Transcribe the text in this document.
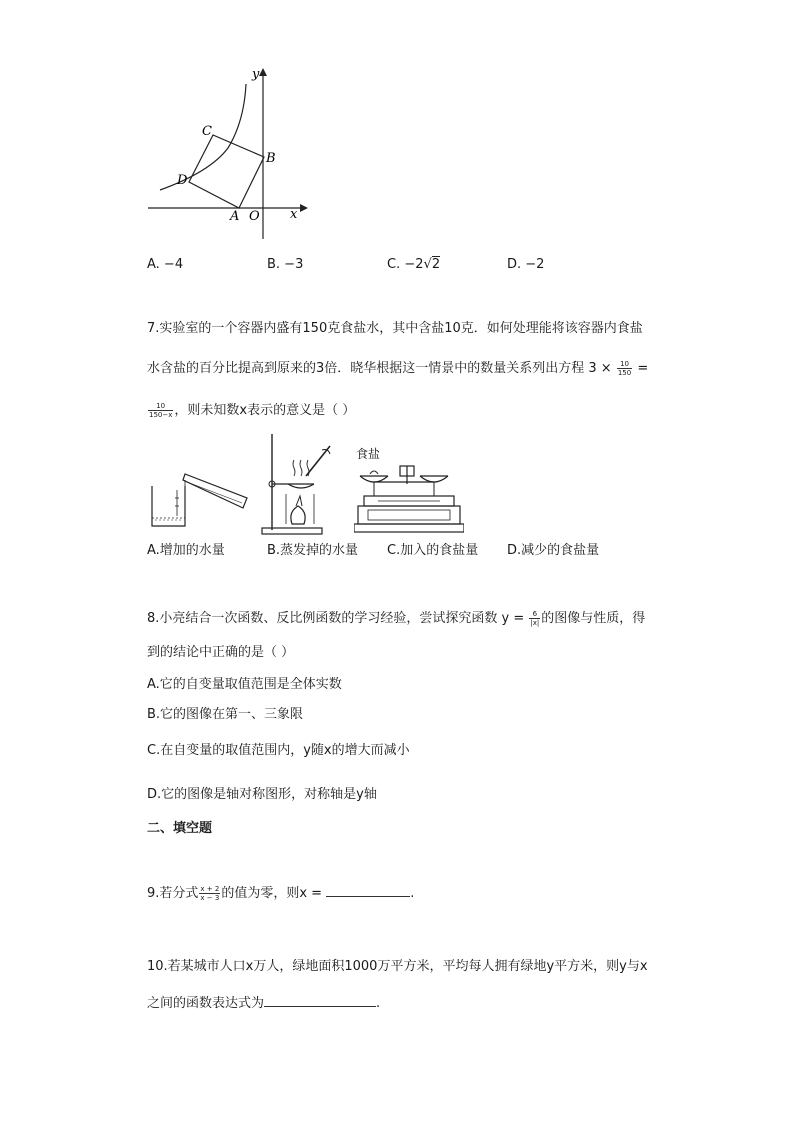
y
x
O
A
B
C
D
A. −4	B. −3	C. −2√2	D. −2
7.实验室的一个容器内盛有150克食盐水，其中含盐10克．如何处理能将该容器内食盐
水含盐的百分比提高到原来的3倍．晓华根据这一情景中的数量关系列出方程 $3 \times \frac{10}{150}$ =
$\frac{10}{150-x}$ ，则未知数x表示的意义是（ ）
食盐
A.增加的水量	B.蒸发掉的水量 C.加入的食盐量 D.减少的食盐量
8.小亮结合一次函数、反比例函数的学习经验，尝试探究函数 $y = \frac{6}{|x|}$ 的图像与性质，得
到的结论中正确的是（ ）
A.它的自变量取值范围是全体实数
B.它的图像在第一、三象限
C.在自变量的取值范围内，y随x的增大而减小
D.它的图像是轴对称图形，对称轴是y轴
二、填空题
9.若分式 $\frac{x + 2}{x - 3}$ 的值为零，则x =	.
10.若某城市人口x万人，绿地面积1000万平方米，平均每人拥有绿地y平方米，则y与x
之间的函数表达式为	.
